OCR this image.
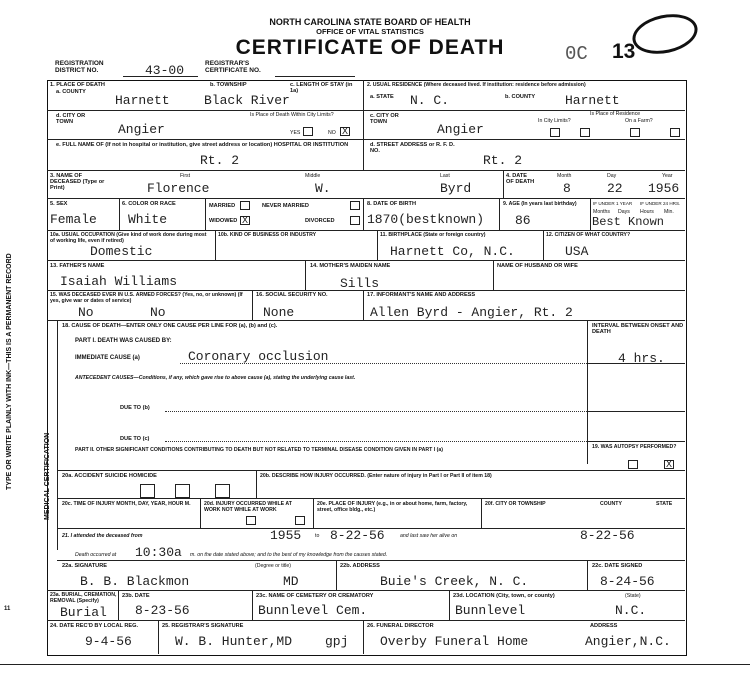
NORTH CAROLINA STATE BOARD OF HEALTH
OFFICE OF VITAL STATISTICS
CERTIFICATE OF DEATH	0C 13
REGISTRATION DISTRICT NO.	43-00	REGISTRAR'S CERTIFICATE NO.
TYPE OR WRITE PLAINLY WITH INK—THIS IS A PERMANENT RECORD	MEDICAL CERTIFICATION
11
1. PLACE OF DEATH
a. COUNTY
b. TOWNSHIP	c. LENGTH OF STAY (in 1a)
Harnett	Black River
d. CITY OR TOWN
Is Place of Death Within City Limits?
Angier	YES	NO X
e. FULL NAME OF (If not in hospital or institution, give street address or location) HOSPITAL OR INSTITUTION
Rt. 2
2. USUAL RESIDENCE (Where deceased lived. If institution: residence before admission)
a. STATE N. C.	b. COUNTY Harnett
c. CITY OR TOWN
Is Place of Residence
In City Limits?	On a Farm?
Angier
d. STREET ADDRESS or R. F. D. NO.
Rt. 2
3. NAME OF DECEASED (Type or Print)
First	Middle	Last
Florence	W.	Byrd
4. DATE OF DEATH
Month	Day	Year
8	22 1956
5. SEX
Female
6. COLOR OR RACE
White
MARRIED	NEVER MARRIED
WIDOWED X	DIVORCED
8. DATE OF BIRTH
1870(bestknown)
9. AGE (In years last birthday)
86
IF UNDER 1 YEAR IF UNDER 24 HRS.
Months Days Hours Min.
Best Known
10a. USUAL OCCUPATION (Give kind of work done during most of working life, even if retired)
Domestic
10b. KIND OF BUSINESS OR INDUSTRY	11. BIRTHPLACE (State or foreign country)
Harnett Co, N.C.
12. CITIZEN OF WHAT COUNTRY?
USA
13. FATHER'S NAME
Isaiah Williams
14. MOTHER'S MAIDEN NAME
Sills
NAME OF HUSBAND OR WIFE
15. WAS DECEASED EVER IN U.S. ARMED FORCES? (Yes, no, or unknown) (If yes, give war or dates of service)
No	No
16. SOCIAL SECURITY NO.
None
17. INFORMANT'S NAME AND ADDRESS
Allen Byrd - Angier, Rt. 2
18. CAUSE OF DEATH—ENTER ONLY ONE CAUSE PER LINE FOR (a), (b) and (c).	INTERVAL BETWEEN ONSET AND DEATH
PART I. DEATH WAS CAUSED BY:
IMMEDIATE CAUSE (a)	Coronary occlusion	4 hrs.
ANTECEDENT CAUSES—Conditions, if any, which gave rise to above cause (a), stating the underlying cause last.
DUE TO (b)
DUE TO (c)
PART II. OTHER SIGNIFICANT CONDITIONS CONTRIBUTING TO DEATH BUT NOT RELATED TO TERMINAL DISEASE CONDITION GIVEN IN PART I (a)	19. WAS AUTOPSY PERFORMED?
X
20a. ACCIDENT SUICIDE HOMICIDE	20b. DESCRIBE HOW INJURY OCCURRED. (Enter nature of injury in Part I or Part II of item 18)
20c. TIME OF INJURY MONTH, DAY, YEAR, HOUR M.	20d. INJURY OCCURRED WHILE AT WORK NOT WHILE AT WORK
20e. PLACE OF INJURY (e.g., in or about home, farm, factory, street, office bldg., etc.)
20f. CITY OR TOWNSHIP	COUNTY	STATE
21. I attended the deceased from	1955	to 8-22-56	and last saw her alive on	8-22-56
Death occurred at 10:30a m. on the date stated above; and to the best of my knowledge from the causes stated.
22a. SIGNATURE
B. B. Blackmon
(Degree or title)
MD
22b. ADDRESS
Buie's Creek, N. C.
22c. DATE SIGNED
8-24-56
23a. BURIAL, CREMATION, REMOVAL (Specify)
Burial
23b. DATE
8-23-56
23c. NAME OF CEMETERY OR CREMATORY
Bunnlevel Cem.
23d. LOCATION (City, town, or county)	(State)
Bunnlevel	N.C.
24. DATE REC'D BY LOCAL REG.
9-4-56
25. REGISTRAR'S SIGNATURE
W. B. Hunter,MD	gpj
26. FUNERAL DIRECTOR	ADDRESS
Overby Funeral Home	Angier,N.C.
